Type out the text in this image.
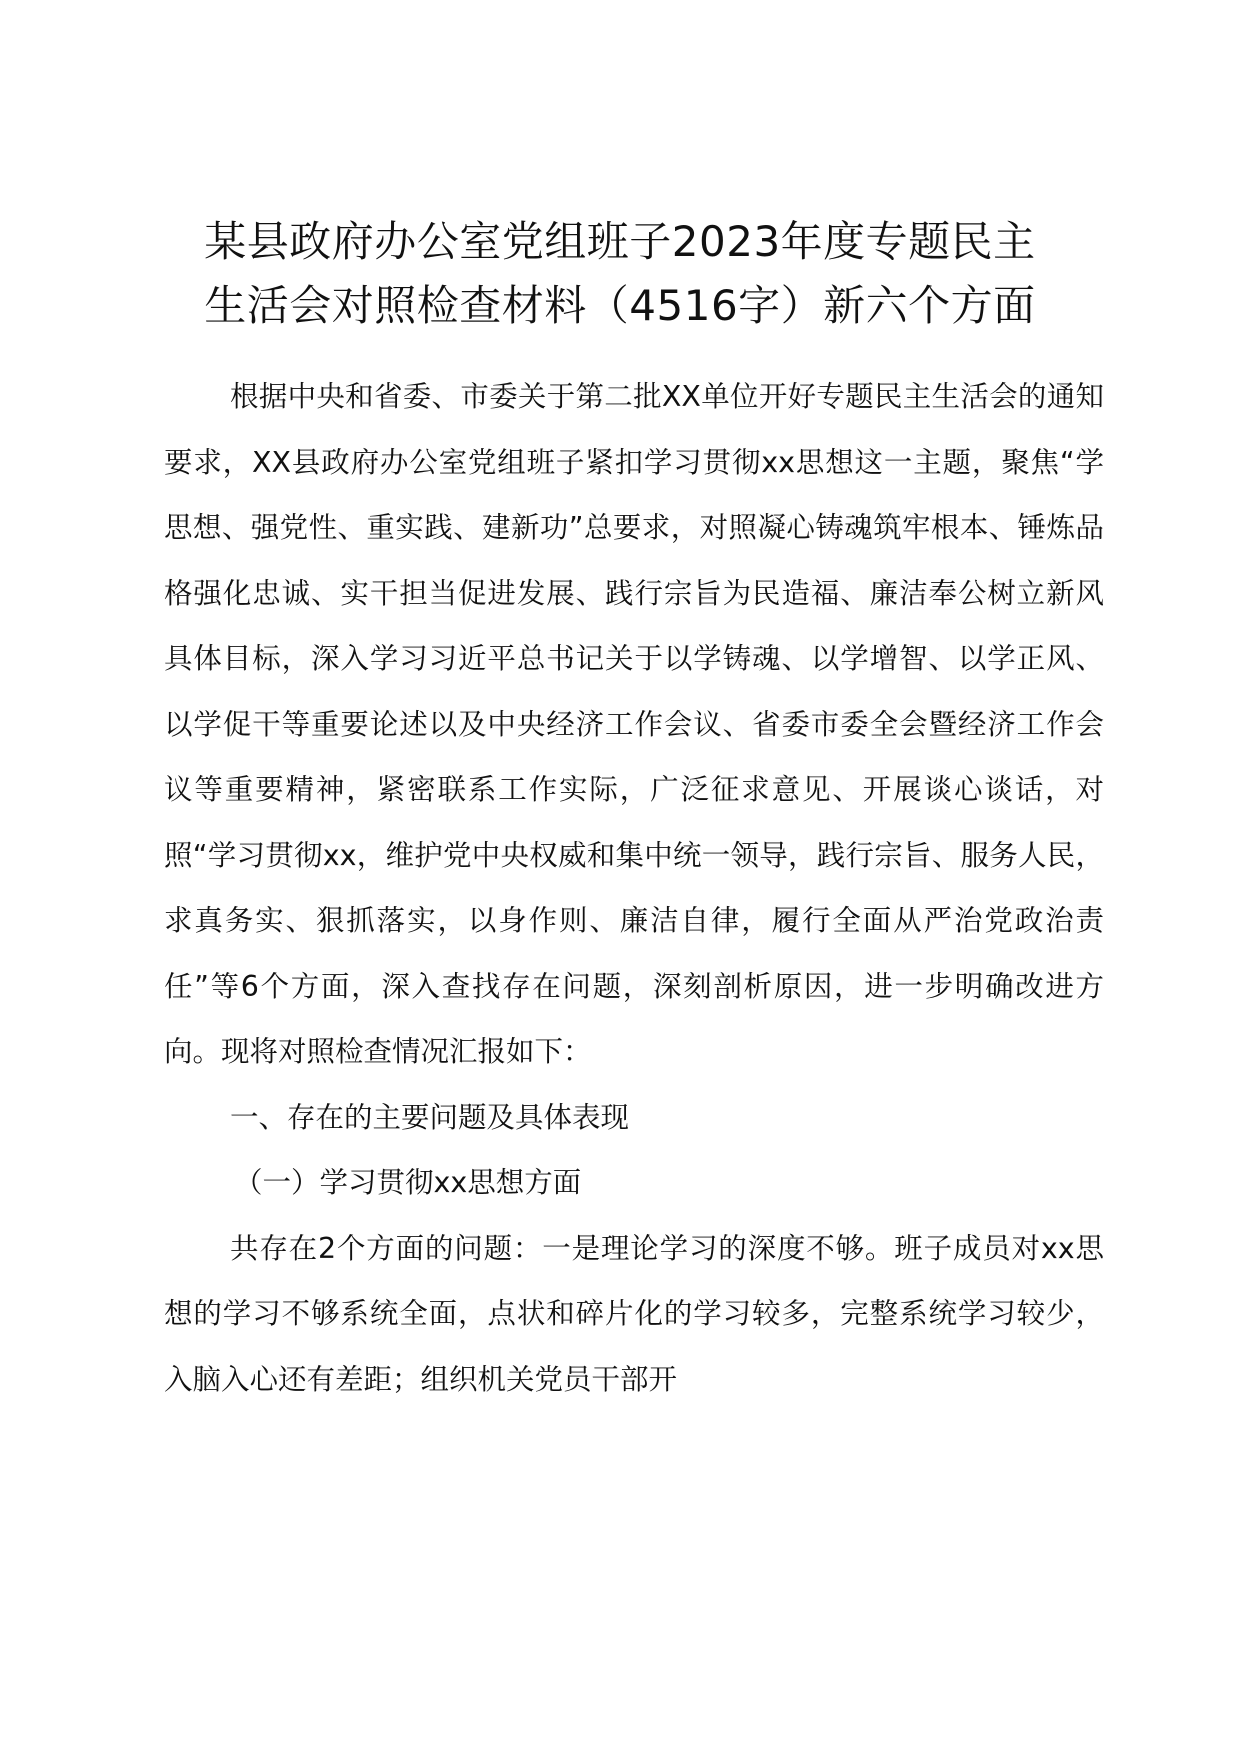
某县政府办公室党组班子2023年度专题民主
生活会对照检查材料（4516字）新六个方面

根据中央和省委、市委关于第二批XX单位开好专题民主生活会的通知要求，XX县政府办公室党组班子紧扣学习贯彻xx思想这一主题，聚焦“学思想、强党性、重实践、建新功”总要求，对照凝心铸魂筑牢根本、锤炼品格强化忠诚、实干担当促进发展、践行宗旨为民造福、廉洁奉公树立新风具体目标，深入学习习近平总书记关于以学铸魂、以学增智、以学正风、以学促干等重要论述以及中央经济工作会议、省委市委全会暨经济工作会议等重要精神，紧密联系工作实际，广泛征求意见、开展谈心谈话，对照“学习贯彻xx，维护党中央权威和集中统一领导，践行宗旨、服务人民，求真务实、狠抓落实，以身作则、廉洁自律，履行全面从严治党政治责任”等6个方面，深入查找存在问题，深刻剖析原因，进一步明确改进方向。现将对照检查情况汇报如下：

一、存在的主要问题及具体表现

（一）学习贯彻xx思想方面

共存在2个方面的问题：一是理论学习的深度不够。班子成员对xx思想的学习不够系统全面，点状和碎片化的学习较多，完整系统学习较少，入脑入心还有差距；组织机关党员干部开
